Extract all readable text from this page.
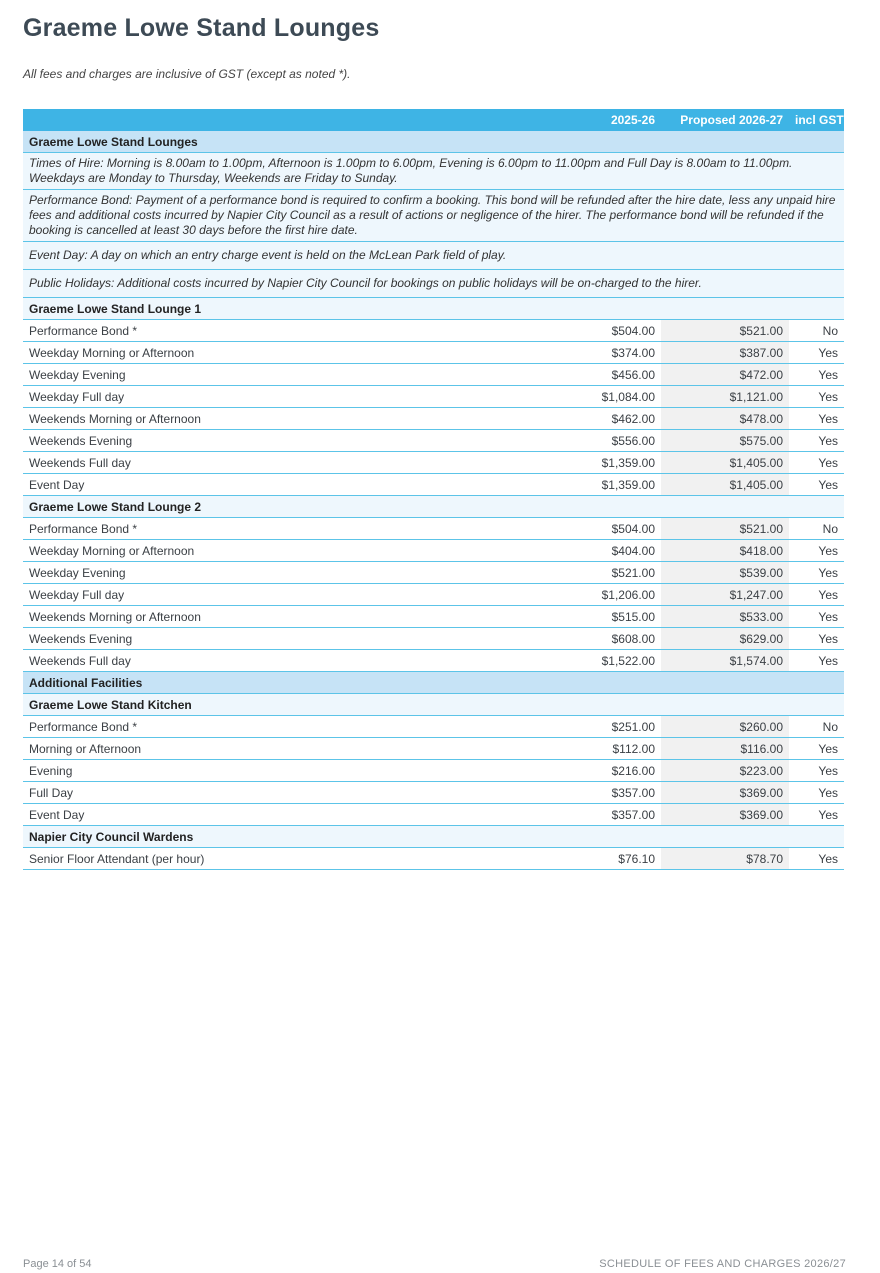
Graeme Lowe Stand Lounges

All fees and charges are inclusive of GST (except as noted *).

	2025-26	Proposed 2026-27	incl GST
Graeme Lowe Stand Lounges			
Times of Hire: Morning is 8.00am to 1.00pm, Afternoon is 1.00pm to 6.00pm, Evening is 6.00pm to 11.00pm and Full Day is 8.00am to 11.00pm. Weekdays are Monday to Thursday, Weekends are Friday to Sunday.			
Performance Bond: Payment of a performance bond is required to confirm a booking. This bond will be refunded after the hire date, less any unpaid hire fees and additional costs incurred by Napier City Council as a result of actions or negligence of the hirer. The performance bond will be refunded if the booking is cancelled at least 30 days before the first hire date.			
Event Day: A day on which an entry charge event is held on the McLean Park field of play.			
Public Holidays: Additional costs incurred by Napier City Council for bookings on public holidays will be on-charged to the hirer.			
Graeme Lowe Stand Lounge 1			
Performance Bond *	$504.00	$521.00	No
Weekday Morning or Afternoon	$374.00	$387.00	Yes
Weekday Evening	$456.00	$472.00	Yes
Weekday Full day	$1,084.00	$1,121.00	Yes
Weekends Morning or Afternoon	$462.00	$478.00	Yes
Weekends Evening	$556.00	$575.00	Yes
Weekends Full day	$1,359.00	$1,405.00	Yes
Event Day	$1,359.00	$1,405.00	Yes
Graeme Lowe Stand Lounge 2			
Performance Bond *	$504.00	$521.00	No
Weekday Morning or Afternoon	$404.00	$418.00	Yes
Weekday Evening	$521.00	$539.00	Yes
Weekday Full day	$1,206.00	$1,247.00	Yes
Weekends Morning or Afternoon	$515.00	$533.00	Yes
Weekends Evening	$608.00	$629.00	Yes
Weekends Full day	$1,522.00	$1,574.00	Yes
Additional Facilities			
Graeme Lowe Stand Kitchen			
Performance Bond *	$251.00	$260.00	No
Morning or Afternoon	$112.00	$116.00	Yes
Evening	$216.00	$223.00	Yes
Full Day	$357.00	$369.00	Yes
Event Day	$357.00	$369.00	Yes
Napier City Council Wardens			
Senior Floor Attendant (per hour)	$76.10	$78.70	Yes
Page 14 of 54	SCHEDULE OF FEES AND CHARGES 2026/27
